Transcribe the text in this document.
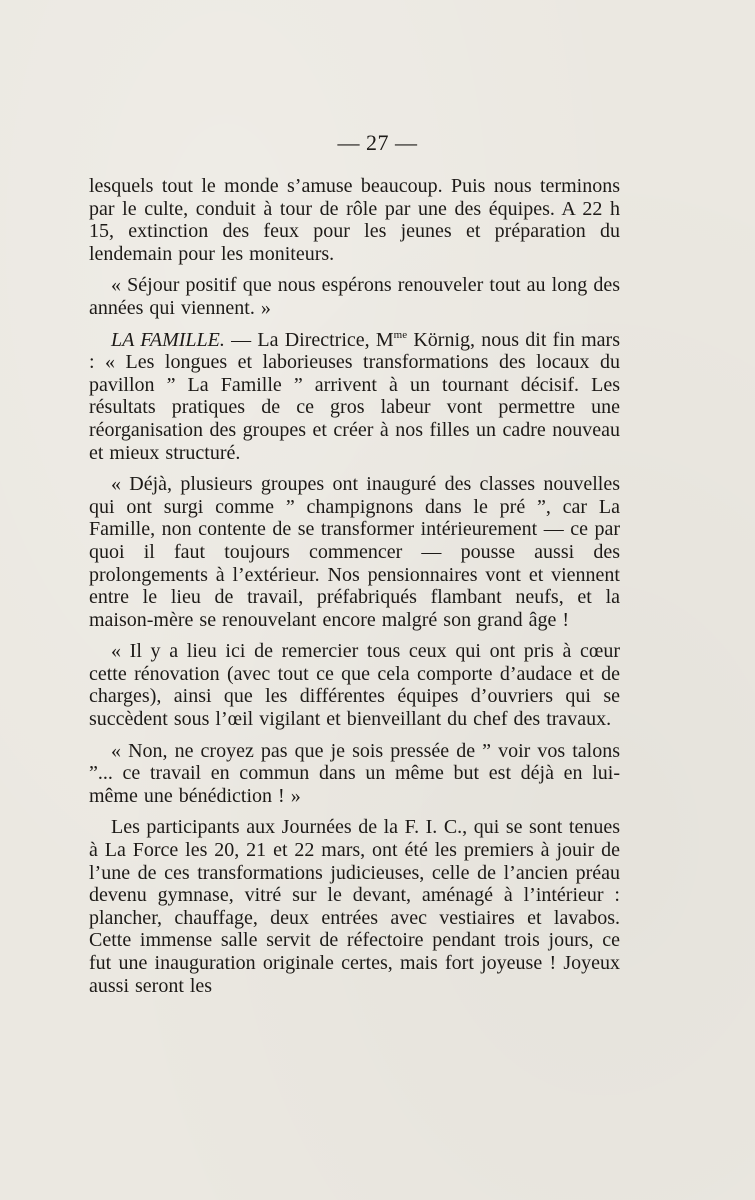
— 27 —

lesquels tout le monde s’amuse beaucoup. Puis nous terminons par le culte, conduit à tour de rôle par une des équipes. A 22 h 15, extinction des feux pour les jeunes et préparation du lendemain pour les moniteurs.

« Séjour positif que nous espérons renouveler tout au long des années qui viennent. »

LA FAMILLE. — La Directrice, $M^{me}$ Körnig, nous dit fin mars : « Les longues et laborieuses transformations des locaux du pavillon ” La Famille ” arrivent à un tournant décisif. Les résultats pratiques de ce gros labeur vont permettre une réorganisation des groupes et créer à nos filles un cadre nouveau et mieux structuré.

« Déjà, plusieurs groupes ont inauguré des classes nouvelles qui ont surgi comme ” champignons dans le pré ”, car La Famille, non contente de se transformer intérieurement — ce par quoi il faut toujours commencer — pousse aussi des prolongements à l’extérieur. Nos pensionnaires vont et viennent entre le lieu de travail, préfabriqués flambant neufs, et la maison-mère se renouvelant encore malgré son grand âge !

« Il y a lieu ici de remercier tous ceux qui ont pris à cœur cette rénovation (avec tout ce que cela comporte d’audace et de charges), ainsi que les différentes équipes d’ouvriers qui se succèdent sous l’œil vigilant et bienveillant du chef des travaux.

« Non, ne croyez pas que je sois pressée de ” voir vos talons ”... ce travail en commun dans un même but est déjà en lui-même une bénédiction ! »

Les participants aux Journées de la F. I. C., qui se sont tenues à La Force les 20, 21 et 22 mars, ont été les premiers à jouir de l’une de ces transformations judicieuses, celle de l’ancien préau devenu gymnase, vitré sur le devant, aménagé à l’intérieur : plancher, chauffage, deux entrées avec vestiaires et lavabos. Cette immense salle servit de réfectoire pendant trois jours, ce fut une inauguration originale certes, mais fort joyeuse ! Joyeux aussi seront les
